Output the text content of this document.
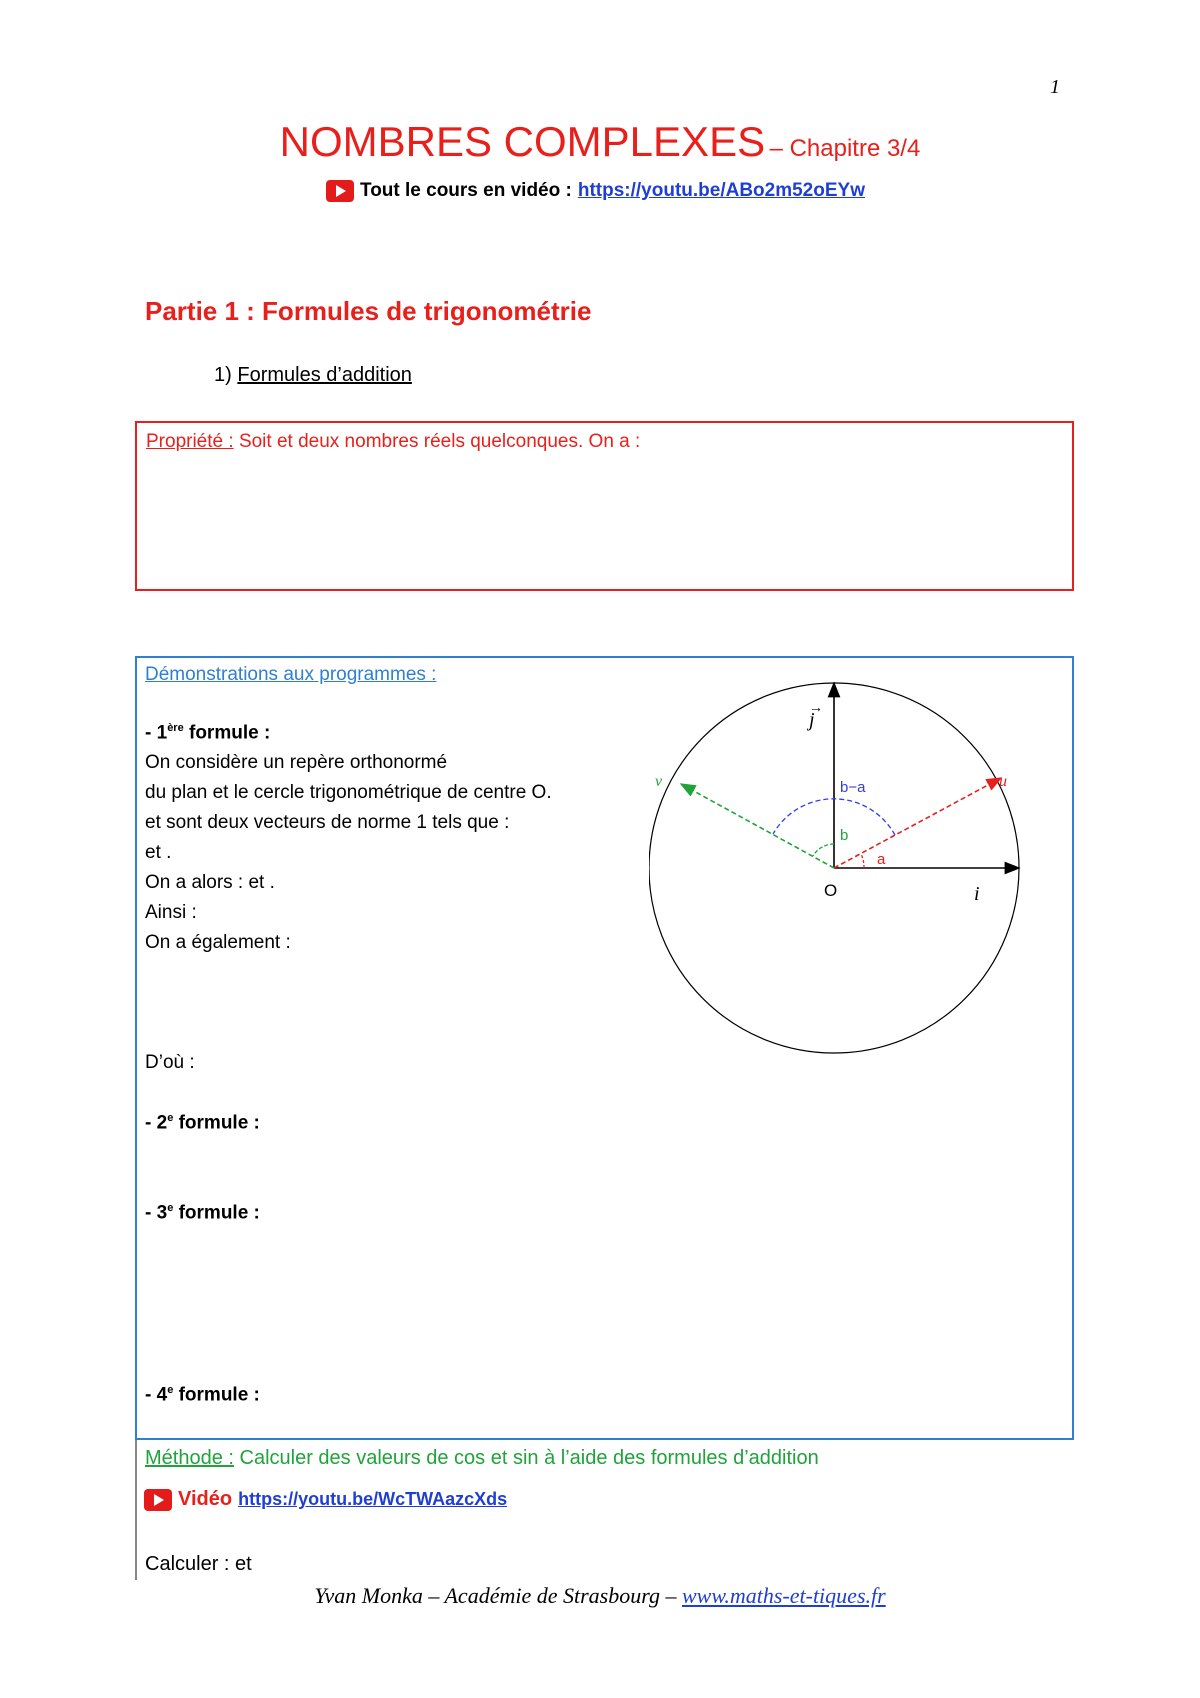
1
NOMBRES COMPLEXES – Chapitre 3/4
Tout le cours en vidéo : https://youtu.be/ABo2m52oEYw
Partie 1 : Formules de trigonométrie
1) Formules d’addition
Propriété : Soit et deux nombres réels quelconques. On a :
Démonstrations aux programmes :
- 1ère formule :
On considère un repère orthonormé
du plan et le cercle trigonométrique de centre O.
et sont deux vecteurs de norme 1 tels que :
et .
On a alors : et .
Ainsi :
On a également :
D’où :
- 2e formule :
- 3e formule :
- 4e formule :
j
→
v	u
O	i
b−a
b
a
Méthode : Calculer des valeurs de cos et sin à l’aide des formules d’addition
Vidéo https://youtu.be/WcTWAazcXds
Calculer : et
Yvan Monka – Académie de Strasbourg – www.maths-et-tiques.fr
